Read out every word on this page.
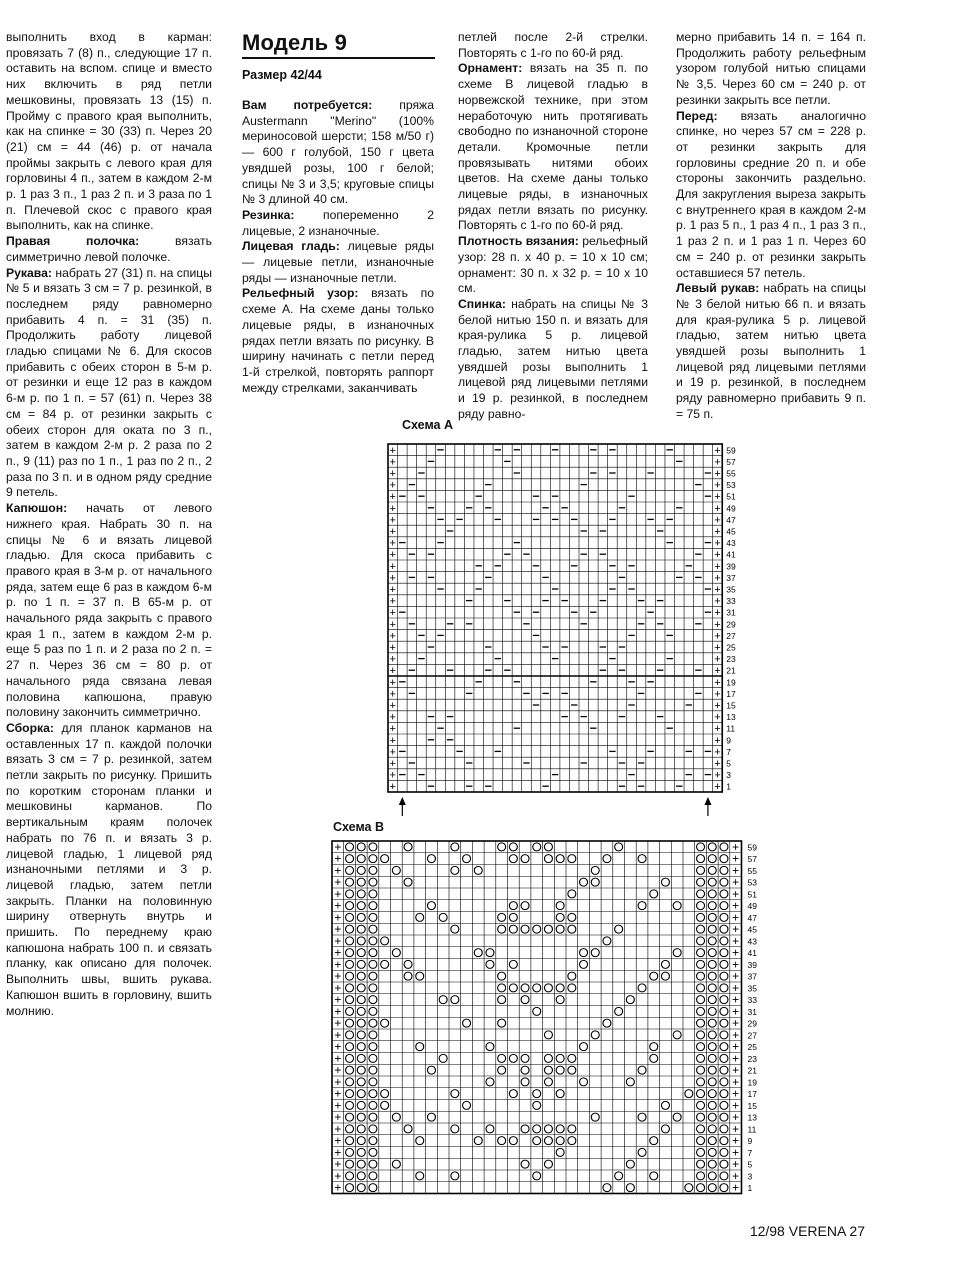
выполнить вход в карман: провязать 7 (8) п., следующие 17 п. оставить на вспом. спице и вместо них включить в ряд петли мешковины, провязать 13 (15) п. Пройму с правого края выполнить, как на спинке = 30 (33) п. Через 20 (21) см = 44 (46) р. от начала проймы закрыть с левого края для горловины 4 п., затем в каждом 2-м р. 1 раз 3 п., 1 раз 2 п. и 3 раза по 1 п. Плечевой скос с правого края выполнить, как на спинке.

Правая полочка: вязать симметрично левой полочке.

Рукава: набрать 27 (31) п. на спицы № 5 и вязать 3 см = 7 р. резинкой, в последнем ряду равномерно прибавить 4 п. = 31 (35) п. Продолжить работу лицевой гладью спицами № 6. Для скосов прибавить с обеих сторон в 5-м р. от резинки и еще 12 раз в каждом 6-м р. по 1 п. = 57 (61) п. Через 38 см = 84 р. от резинки закрыть с обеих сторон для оката по 3 п., затем в каждом 2-м р. 2 раза по 2 п., 9 (11) раз по 1 п., 1 раз по 2 п., 2 раза по 3 п. и в одном ряду средние 9 петель.

Капюшон: начать от левого нижнего края. Набрать 30 п. на спицы № 6 и вязать лицевой гладью. Для скоса прибавить с правого края в 3-м р. от начального ряда, затем еще 6 раз в каждом 6-м р. по 1 п. = 37 п. В 65-м р. от начального ряда закрыть с правого края 1 п., затем в каждом 2-м р. еще 5 раз по 1 п. и 2 раза по 2 п. = 27 п. Через 36 см = 80 р. от начального ряда связана левая половина капюшона, правую половину закончить симметрично.

Сборка: для планок карманов на оставленных 17 п. каждой полочки вязать 3 см = 7 р. резинкой, затем петли закрыть по рисунку. Пришить по коротким сторонам планки и мешковины карманов. По вертикальным краям полочек набрать по 76 п. и вязать 3 р. лицевой гладью, 1 лицевой ряд изнаночными петлями и 3 р. лицевой гладью, затем петли закрыть. Планки на половинную ширину отвернуть внутрь и пришить. По переднему краю капюшона набрать 100 п. и связать планку, как описано для полочек. Выполнить швы, вшить рукава. Капюшон вшить в горловину, вшить молнию.

Модель 9
Размер 42/44

Вам потребуется: пряжа Austermann "Merino" (100% мериносовой шерсти; 158 м/50 г) — 600 г голубой, 150 г цвета увядшей розы, 100 г белой; спицы № 3 и 3,5; круговые спицы № 3 длиной 40 см.

Резинка: попеременно 2 лицевые, 2 изнаночные.

Лицевая гладь: лицевые ряды — лицевые петли, изнаночные ряды — изнаночные петли.

Рельефный узор: вязать по схеме А. На схеме даны только лицевые ряды, в изнаночных рядах петли вязать по рисунку. В ширину начинать с петли перед 1-й стрелкой, повторять раппорт между стрелками, заканчивать

петлей после 2-й стрелки. Повторять с 1-го по 60-й ряд.

Орнамент: вязать на 35 п. по схеме В лицевой гладью в норвежской технике, при этом неработочую нить протягивать свободно по изнаночной стороне детали. Кромочные петли провязывать нитями обоих цветов. На схеме даны только лицевые ряды, в изнаночных рядах петли вязать по рисунку. Повторять с 1-го по 60-й ряд.

Плотность вязания: рельефный узор: 28 п. x 40 р. = 10 x 10 см; орнамент: 30 п. x 32 р. = 10 x 10 см.

Спинка: набрать на спицы № 3 белой нитью 150 п. и вязать для края-рулика 5 р. лицевой гладью, затем нитью цвета увядшей розы выполнить 1 лицевой ряд лицевыми петлями и 19 р. резинкой, в последнем ряду равно-

мерно прибавить 14 п. = 164 п. Продолжить работу рельефным узором голубой нитью спицами № 3,5. Через 60 см = 240 р. от резинки закрыть все петли.

Перед: вязать аналогично спинке, но через 57 см = 228 р. от резинки закрыть для горловины средние 20 п. и обе стороны закончить раздельно. Для закругления выреза закрыть с внутреннего края в каждом 2-м р. 1 раз 5 п., 1 раз 4 п., 1 раз 3 п., 1 раз 2 п. и 1 раз 1 п. Через 60 см = 240 р. от резинки закрыть оставшиеся 57 петель.

Левый рукав: набрать на спицы № 3 белой нитью 66 п. и вязать для края-рулика 5 р. лицевой гладью, затем нитью цвета увядшей розы выполнить 1 лицевой ряд лицевыми петлями и 19 р. резинкой, в последнем ряду равномерно прибавить 9 п. = 75 п.

Схема А
+	+
+	+
+	+
+	+
+	+
+	+
+	+
+	+
+	+
+	+
+	+
+	+
+	+
+	+
+	+
+	+
+	+
+	+
+	+
+	+
+	+
+	+
+	+
+	+
+	+
+	+
+	+
+	+
+	+
+	+
59
57
55
53
51
49
47
45
43
41
39
37
35
33
31
29
27
25
23
21
19
17
15
13
11
9
7
5
3
1
Схема В
+	+
+	+
+	+
+	+
+	+
+	+
+	+
+	+
+	+
+	+
+	+
+	+
+	+
+	+
+	+
+	+
+	+
+	+
+	+
+	+
+	+
+	+
+	+
+	+
+	+
+	+
+	+
+	+
+	+
+	+
59
57
55
53
51
49
47
45
43
41
39
37
35
33
31
29
27
25
23
21
19
17
15
13
11
9
7
5
3
1
12/98 VERENA 27
